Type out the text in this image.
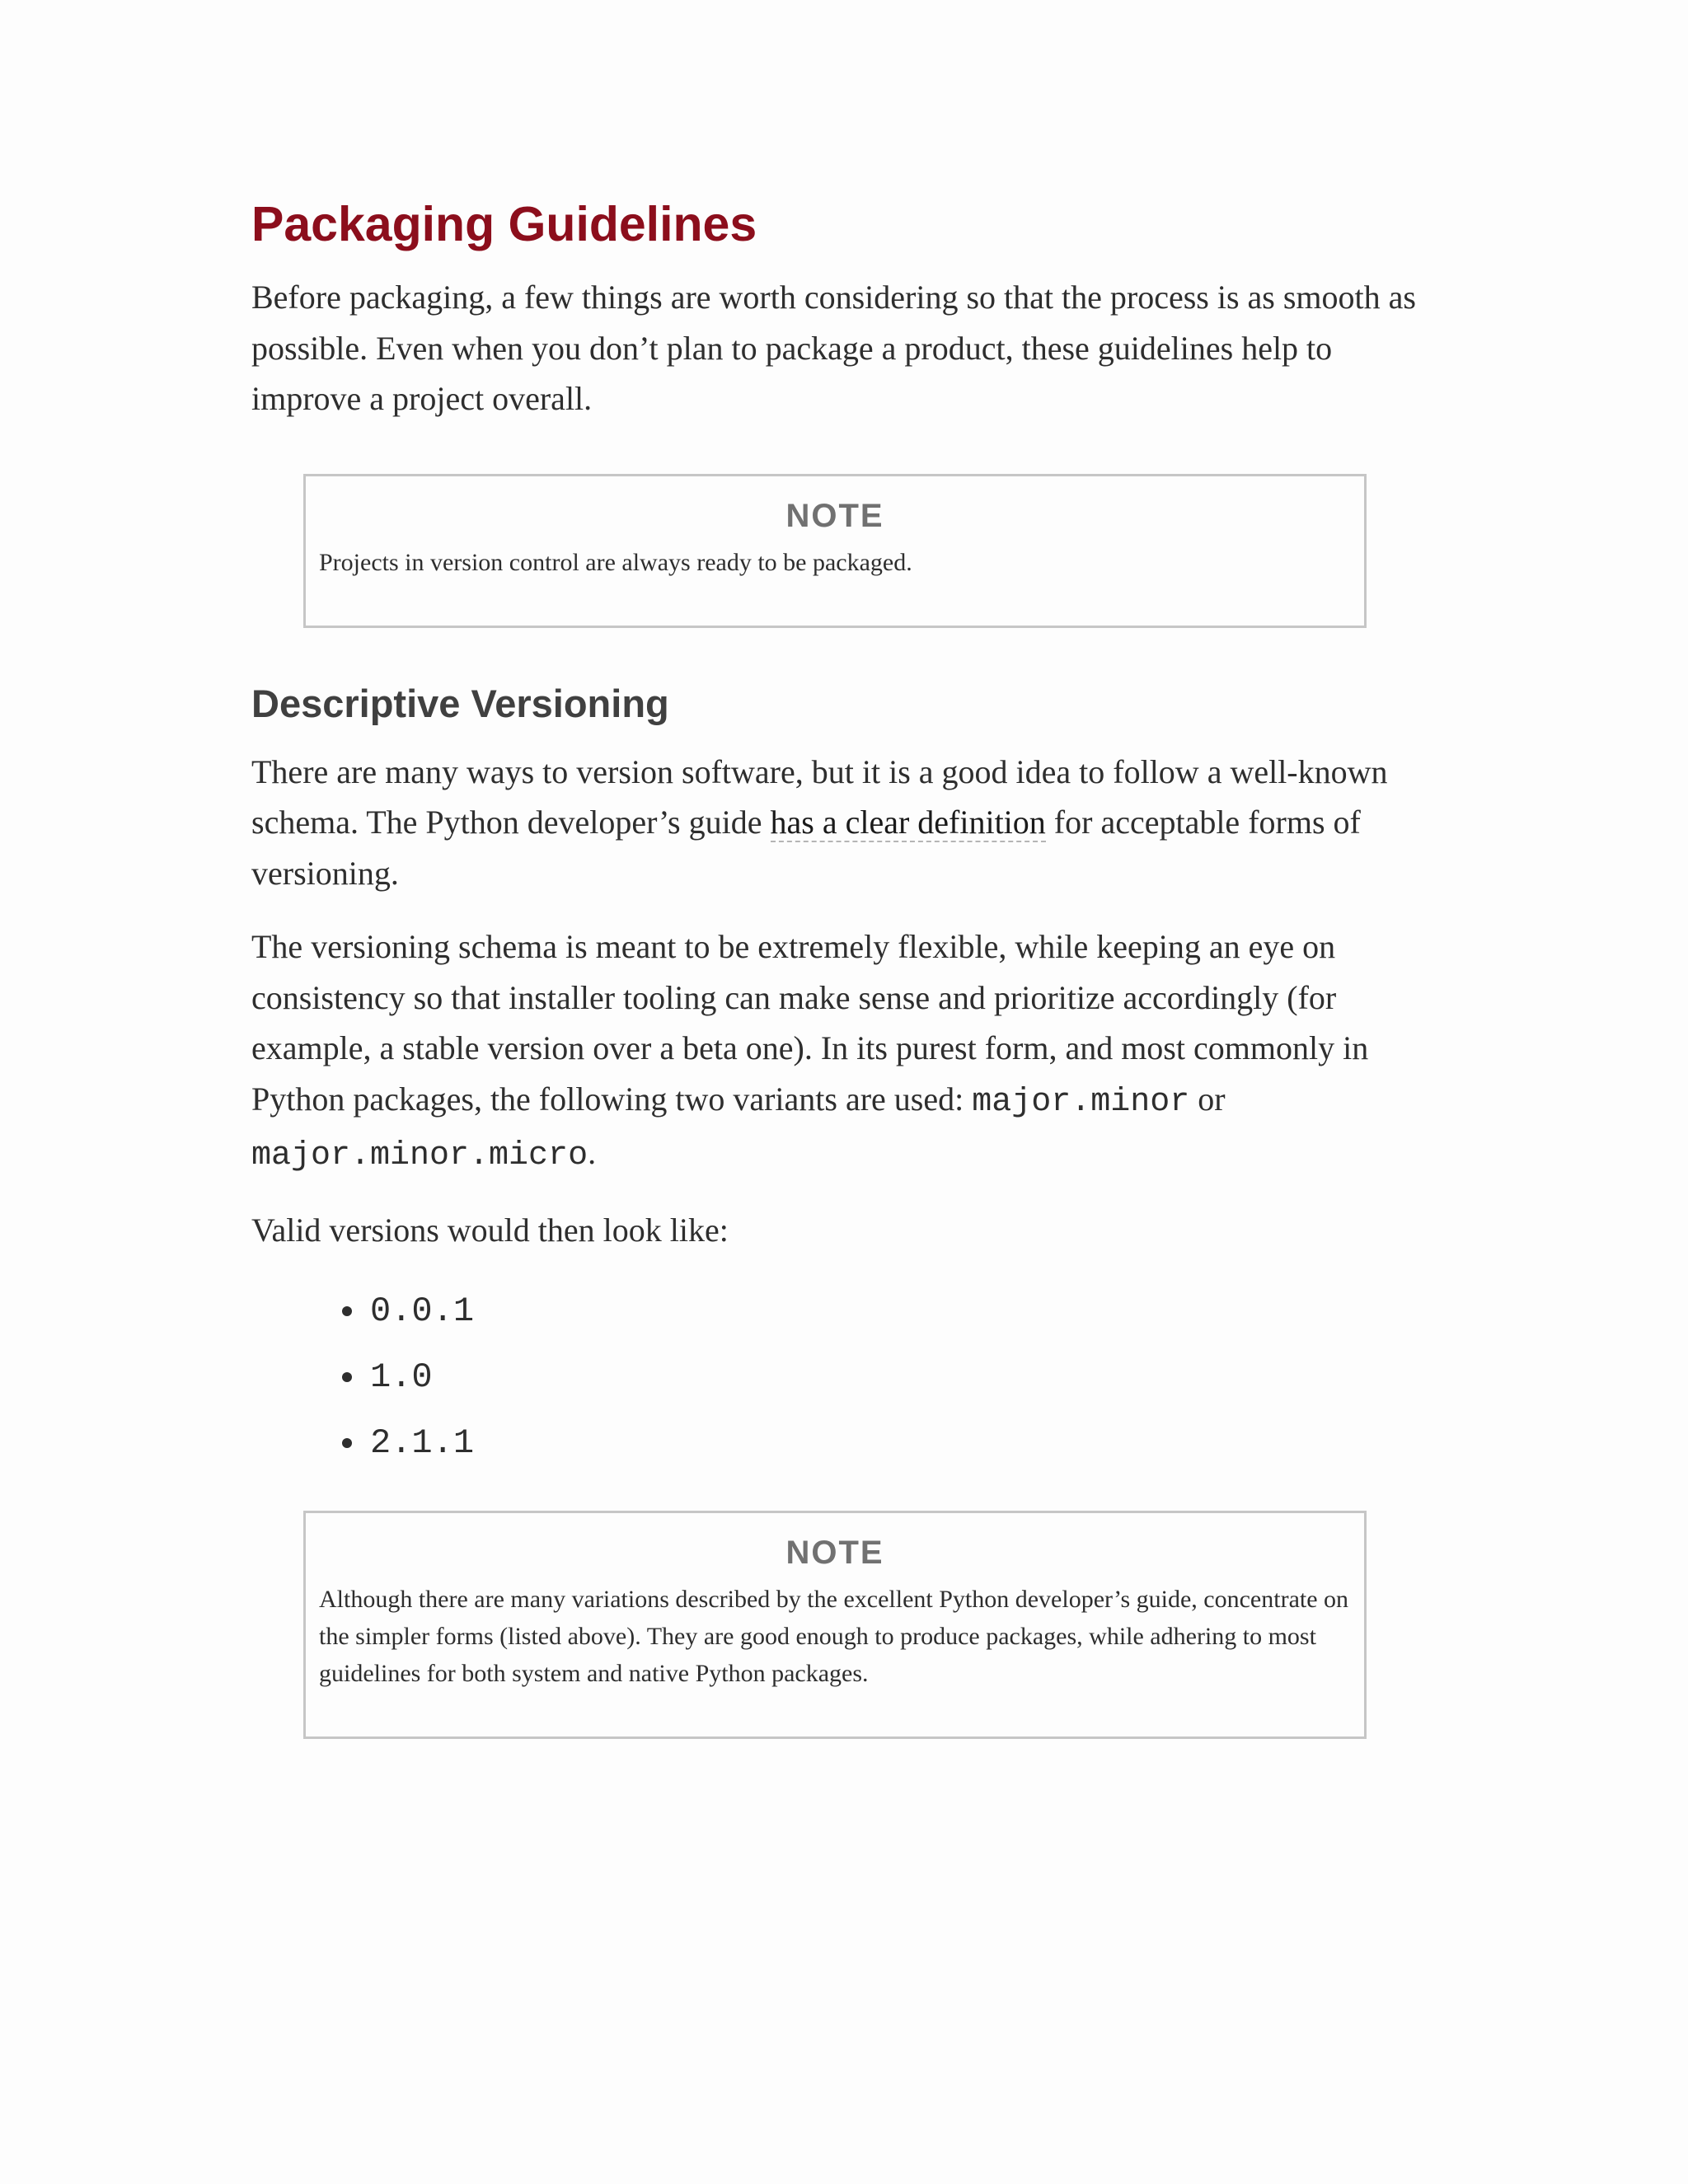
Packaging Guidelines

Before packaging, a few things are worth considering so that the process is as smooth as possible. Even when you don’t plan to package a product, these guidelines help to improve a project overall.

NOTE
Projects in version control are always ready to be packaged.
Descriptive Versioning

There are many ways to version software, but it is a good idea to follow a well-known schema. The Python developer’s guide has a clear definition for acceptable forms of versioning.

The versioning schema is meant to be extremely flexible, while keeping an eye on consistency so that installer tooling can make sense and prioritize accordingly (for example, a stable version over a beta one). In its purest form, and most commonly in Python packages, the following two variants are used: major.minor or major.minor.micro.

Valid versions would then look like:

0.0.1
1.0
2.1.1
NOTE
Although there are many variations described by the excellent Python developer’s guide, concentrate on the simpler forms (listed above). They are good enough to produce packages, while adhering to most guidelines for both system and native Python packages.
